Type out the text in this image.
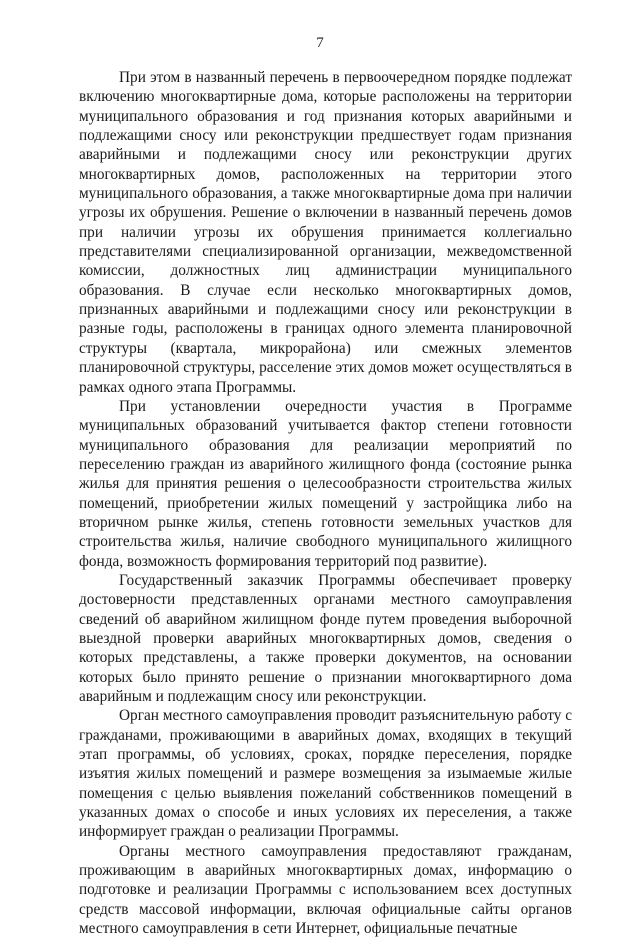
7

При этом в названный перечень в первоочередном порядке подлежат включению многоквартирные дома, которые расположены на территории муниципального образования и год признания которых аварийными и подлежащими сносу или реконструкции предшествует годам признания аварийными и подлежащими сносу или реконструкции других многоквартирных домов, расположенных на территории этого муниципального образования, а также многоквартирные дома при наличии угрозы их обрушения. Решение о включении в названный перечень домов при наличии угрозы их обрушения принимается коллегиально представителями специализированной организации, межведомственной комиссии, должностных лиц администрации муниципального образования. В случае если несколько многоквартирных домов, признанных аварийными и подлежащими сносу или реконструкции в разные годы, расположены в границах одного элемента планировочной структуры (квартала, микрорайона) или смежных элементов планировочной структуры, расселение этих домов может осуществляться в рамках одного этапа Программы.

При установлении очередности участия в Программе муниципальных образований учитывается фактор степени готовности муниципального образования для реализации мероприятий по переселению граждан из аварийного жилищного фонда (состояние рынка жилья для принятия решения о целесообразности строительства жилых помещений, приобретении жилых помещений у застройщика либо на вторичном рынке жилья, степень готовности земельных участков для строительства жилья, наличие свободного муниципального жилищного фонда, возможность формирования территорий под развитие).

Государственный заказчик Программы обеспечивает проверку достоверности представленных органами местного самоуправления сведений об аварийном жилищном фонде путем проведения выборочной выездной проверки аварийных многоквартирных домов, сведения о которых представлены, а также проверки документов, на основании которых было принято решение о признании многоквартирного дома аварийным и подлежащим сносу или реконструкции.

Орган местного самоуправления проводит разъяснительную работу с гражданами, проживающими в аварийных домах, входящих в текущий этап программы, об условиях, сроках, порядке переселения, порядке изъятия жилых помещений и размере возмещения за изымаемые жилые помещения с целью выявления пожеланий собственников помещений в указанных домах о способе и иных условиях их переселения, а также информирует граждан о реализации Программы.

Органы местного самоуправления предоставляют гражданам, проживающим в аварийных многоквартирных домах, информацию о подготовке и реализации Программы с использованием всех доступных средств массовой информации, включая официальные сайты органов местного самоуправления в сети Интернет, официальные печатные
